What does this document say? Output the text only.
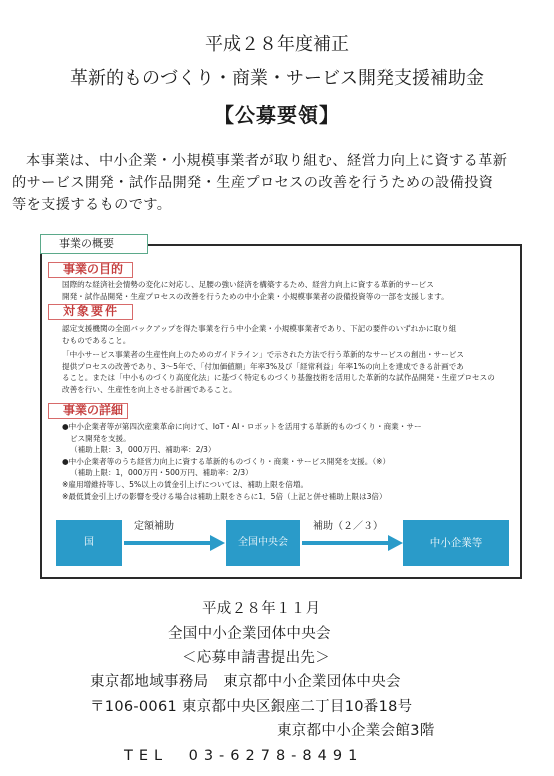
平成２８年度補正
革新的ものづくり・商業・サービス開発支援補助金
【公募要領】
本事業は、中小企業・小規模事業者が取り組む、経営力向上に資する革新
的サービス開発・試作品開発・生産プロセスの改善を行うための設備投資
等を支援するものです。
事業の概要
事業の目的
国際的な経済社会情勢の変化に対応し、足腰の強い経済を構築するため、経営力向上に資する革新的サービス
開発・試作品開発・生産プロセスの改善を行うための中小企業・小規模事業者の設備投資等の一部を支援します。
対象要件
認定支援機関の全面バックアップを得た事業を行う中小企業・小規模事業者であり、下記の要件のいずれかに取り組
むものであること。
「中小サービス事業者の生産性向上のためのガイドライン」で示された方法で行う革新的なサービスの創出・サービス
提供プロセスの改善であり、3～5年で、「付加価値額」年率3%及び「経常利益」年率1%の向上を達成できる計画であ
ること。または「中小ものづくり高度化法」に基づく特定ものづくり基盤技術を活用した革新的な試作品開発・生産プロセスの
改善を行い、生産性を向上させる計画であること。
事業の詳細
●中小企業者等が第四次産業革命に向けて、IoT・AI・ロボットを活用する革新的ものづくり・商業・サー
ビス開発を支援。
（補助上限：3，000万円、補助率：2/3）
●中小企業者等のうち経営力向上に資する革新的ものづくり・商業・サービス開発を支援。（※）
（補助上限：1，000万円・500万円、補助率：2/3）
※雇用增維持等し、5%以上の賃金引上げについては、補助上限を倍増。
※最低賃金引上げの影響を受ける場合は補助上限をさらに1．5倍（上記と併せ補助上限は3倍）
定額補助	補助（２／３）
国	全国中央会	中小企業等
平成２８年１１月
全国中小企業団体中央会
＜応募申請書提出先＞
東京都地域事務局　東京都中小企業団体中央会
〒106-0061 東京都中央区銀座二丁目10番18号
東京都中小企業会館3階
TEL　03-6278-8491
